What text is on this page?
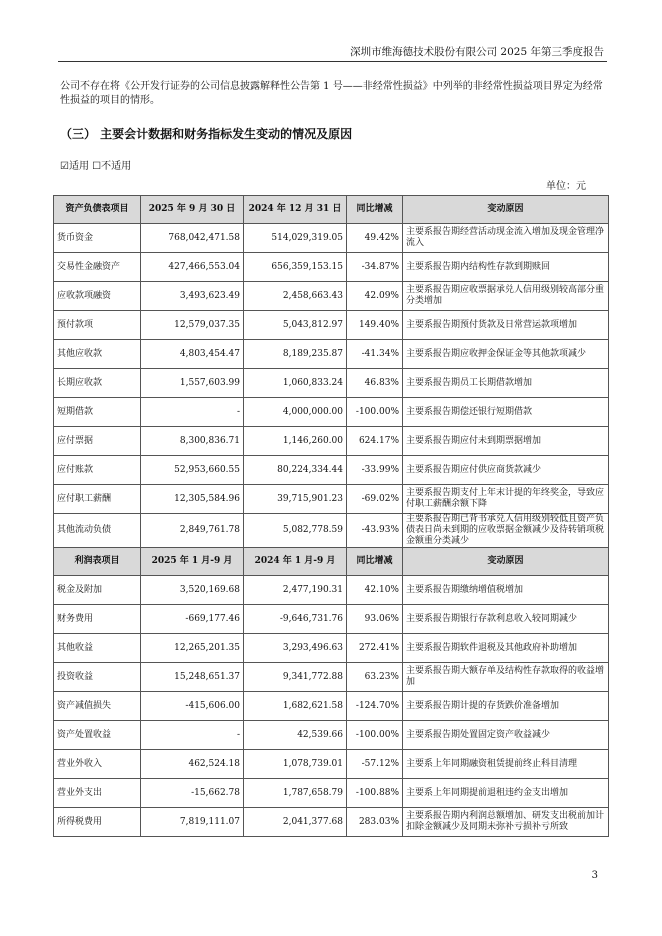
深圳市维海德技术股份有限公司 2025 年第三季度报告
公司不存在将《公开发行证券的公司信息披露解释性公告第 1 号——非经常性损益》中列举的非经常性损益项目界定为经常性损益的项目的情形。
（三） 主要会计数据和财务指标发生变动的情况及原因
☑适用 ☐不适用
单位：元
资产负债表项目	2025 年 9 月 30 日	2024 年 12 月 31 日	同比增减	变动原因
货币资金	768,042,471.58	514,029,319.05	49.42%	主要系报告期经营活动现金流入增加及现金管理净流入
交易性金融资产	427,466,553.04	656,359,153.15	-34.87%	主要系报告期内结构性存款到期赎回
应收款项融资	3,493,623.49	2,458,663.43	42.09%	主要系报告期应收票据承兑人信用级别较高部分重分类增加
预付款项	12,579,037.35	5,043,812.97	149.40%	主要系报告期预付货款及日常营运款项增加
其他应收款	4,803,454.47	8,189,235.87	-41.34%	主要系报告期应收押金保证金等其他款项减少
长期应收款	1,557,603.99	1,060,833.24	46.83%	主要系报告期员工长期借款增加
短期借款	-	4,000,000.00	-100.00%	主要系报告期偿还银行短期借款
应付票据	8,300,836.71	1,146,260.00	624.17%	主要系报告期应付未到期票据增加
应付账款	52,953,660.55	80,224,334.44	-33.99%	主要系报告期应付供应商货款减少
应付职工薪酬	12,305,584.96	39,715,901.23	-69.02%	主要系报告期支付上年末计提的年终奖金，导致应付职工薪酬余额下降
其他流动负债	2,849,761.78	5,082,778.59	-43.93%	主要系报告期已背书承兑人信用级别较低且资产负债表日尚未到期的应收票据金额减少及待转销项税金额重分类减少
利润表项目	2025 年 1 月-9 月	2024 年 1 月-9 月	同比增减	变动原因
税金及附加	3,520,169.68	2,477,190.31	42.10%	主要系报告期缴纳增值税增加
财务费用	-669,177.46	-9,646,731.76	93.06%	主要系报告期银行存款利息收入较同期减少
其他收益	12,265,201.35	3,293,496.63	272.41%	主要系报告期软件退税及其他政府补助增加
投资收益	15,248,651.37	9,341,772.88	63.23%	主要系报告期大额存单及结构性存款取得的收益增加
资产减值损失	-415,606.00	1,682,621.58	-124.70%	主要系报告期计提的存货跌价准备增加
资产处置收益	-	42,539.66	-100.00%	主要系报告期处置固定资产收益减少
营业外收入	462,524.18	1,078,739.01	-57.12%	主要系上年同期融资租赁提前终止科目清理
营业外支出	-15,662.78	1,787,658.79	-100.88%	主要系上年同期提前退租违约金支出增加
所得税费用	7,819,111.07	2,041,377.68	283.03%	主要系报告期内利润总额增加、研发支出税前加计扣除金额减少及同期未弥补亏损补亏所致
3
